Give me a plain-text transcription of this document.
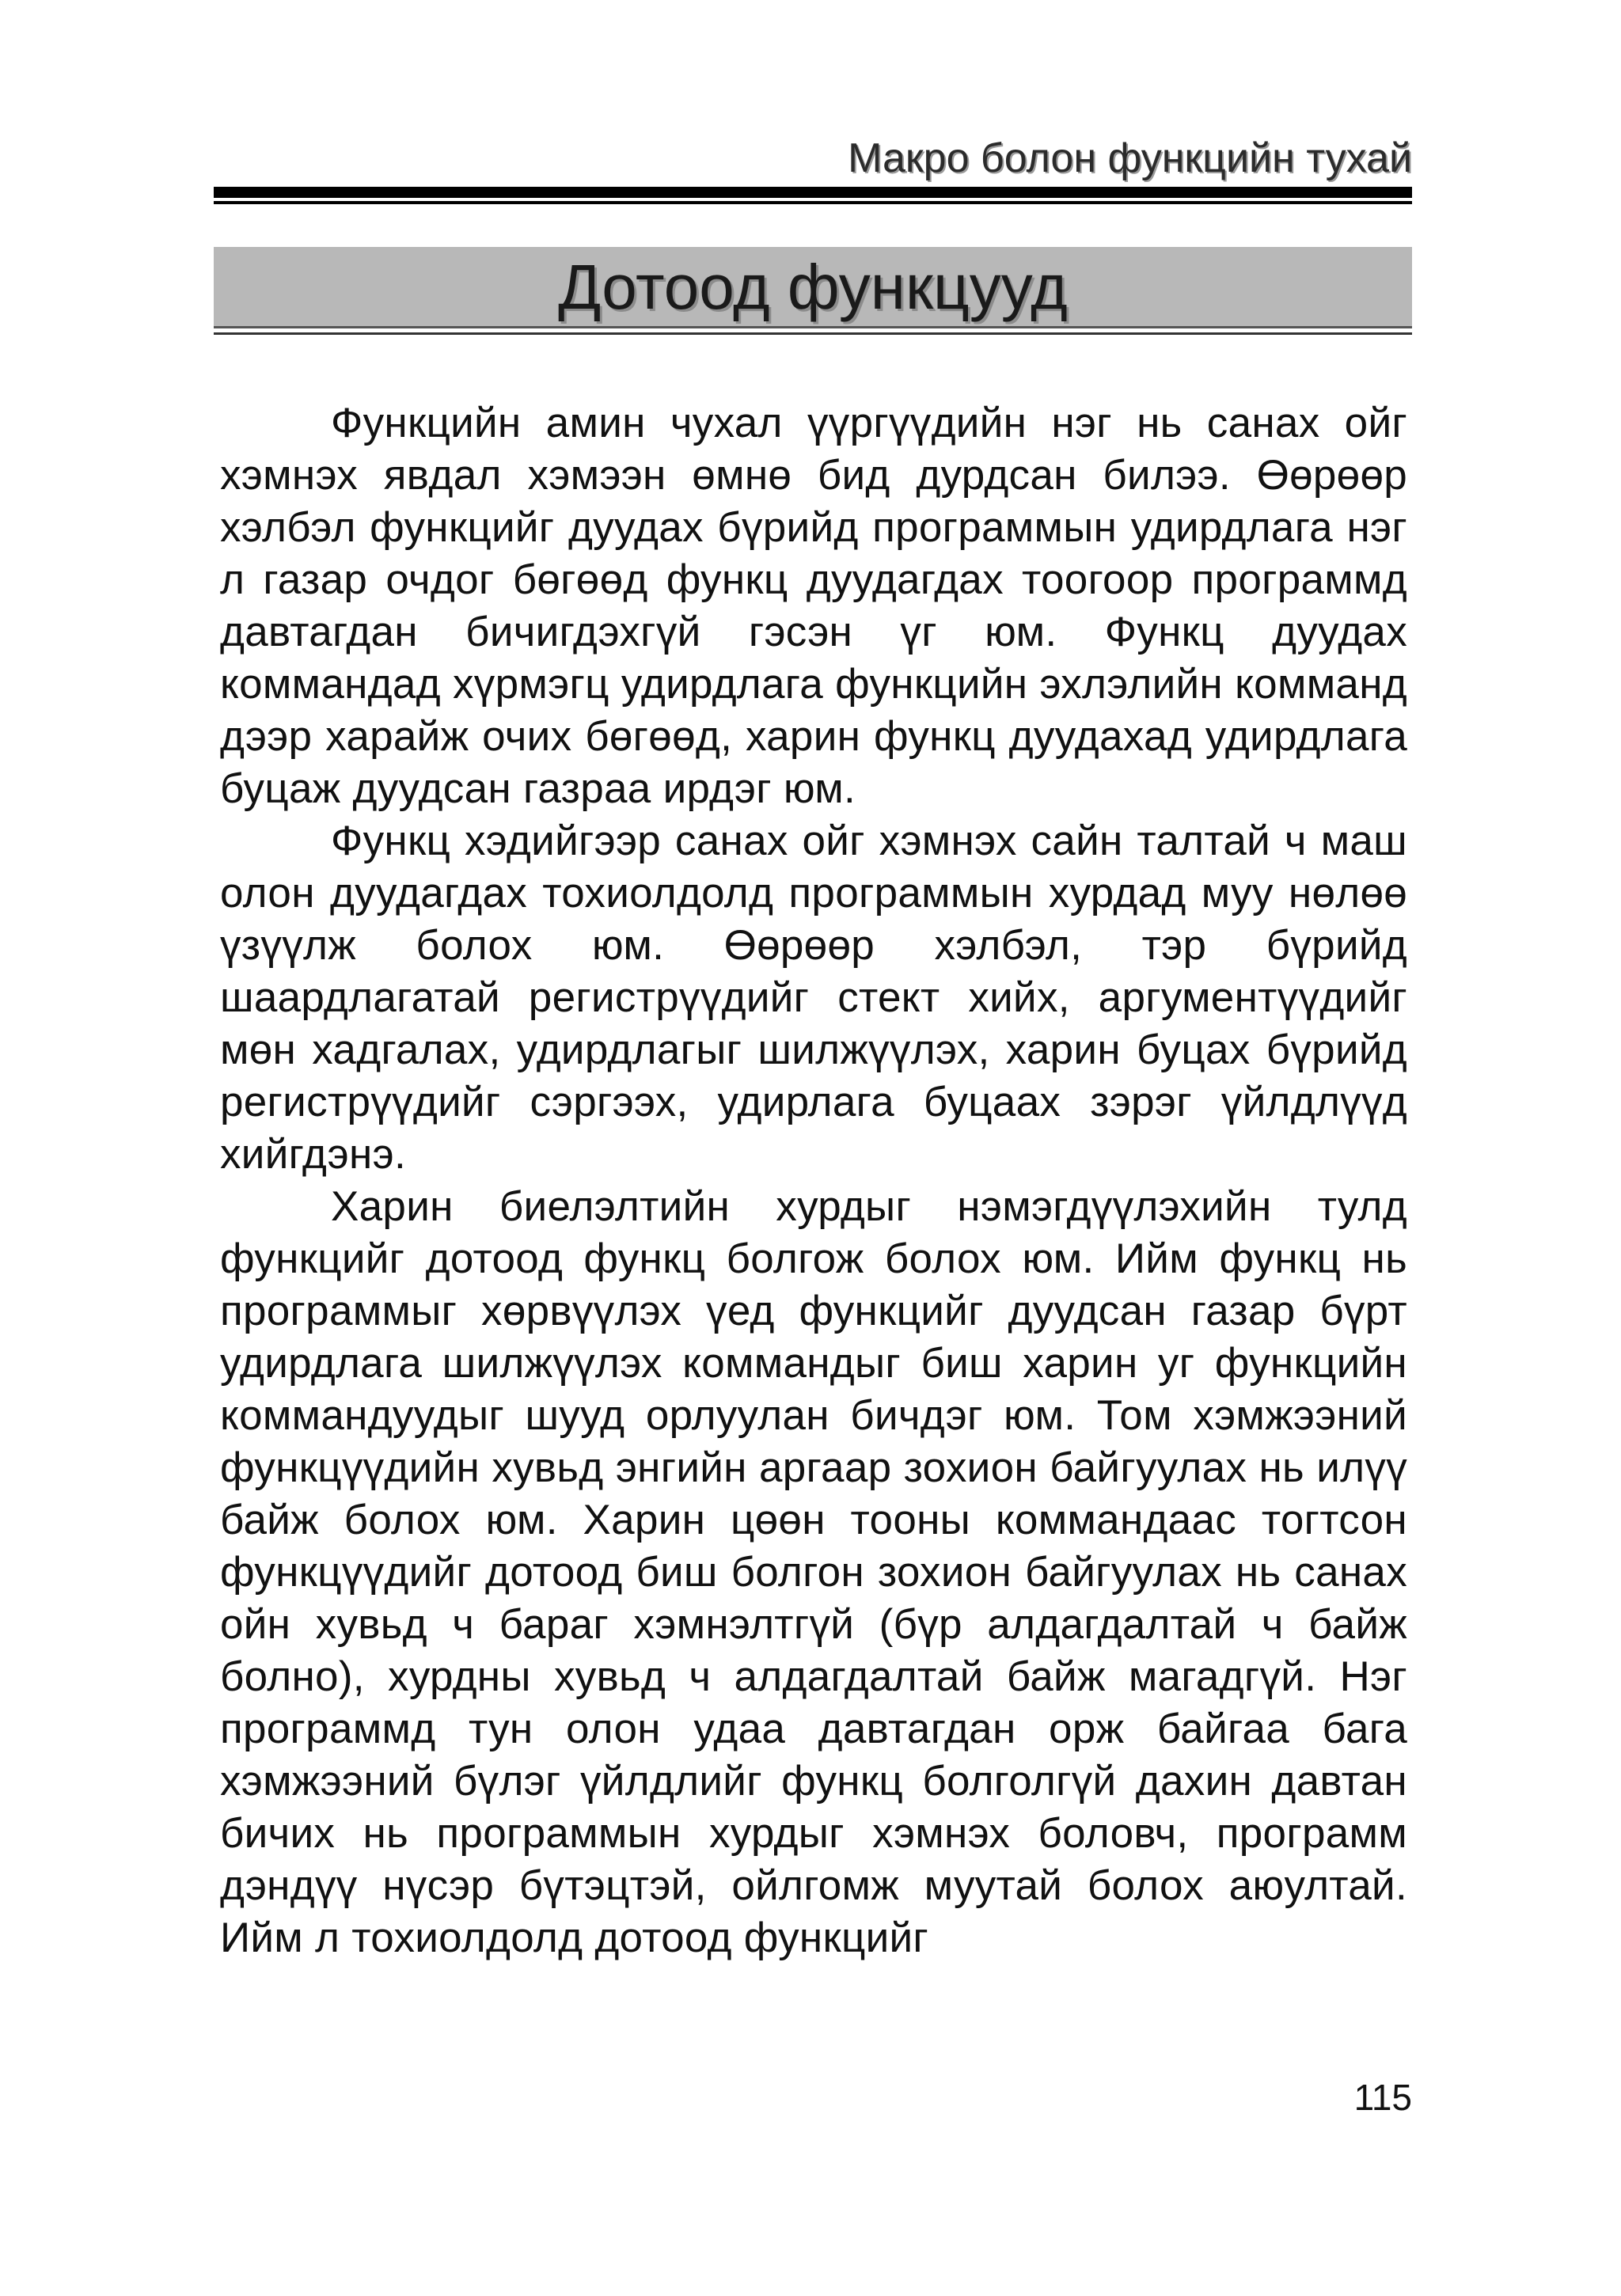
Макро болон функцийн тухай
Дотоод функцууд

Функцийн амин чухал үүргүүдийн нэг нь санах ойг хэмнэх явдал хэмээн өмнө бид дурдсан билээ. Өөрөөр хэлбэл функцийг дуудах бүрийд программын удирдлага нэг л газар очдог бөгөөд функц дуудагдах тоогоор программд давтагдан бичигдэхгүй гэсэн үг юм. Функц дуудах коммандад хүрмэгц удирдлага функцийн эхлэлийн комманд дээр харайж очих бөгөөд, харин функц дуудахад удирдлага буцаж дуудсан газраа ирдэг юм.

Функц хэдийгээр санах ойг хэмнэх сайн талтай ч маш олон дуудагдах тохиолдолд программын хурдад муу нөлөө үзүүлж болох юм. Өөрөөр хэлбэл, тэр бүрийд шаардлагатай регистрүүдийг стект хийх, аргументүүдийг мөн хадгалах, удирдлагыг шилжүүлэх, харин буцах бүрийд регистрүүдийг сэргээх, удирлага буцаах зэрэг үйлдлүүд хийгдэнэ.

Харин биелэлтийн хурдыг нэмэгдүүлэхийн тулд функцийг дотоод функц болгож болох юм. Ийм функц нь программыг хөрвүүлэх үед функцийг дуудсан газар бүрт удирдлага шилжүүлэх коммандыг биш харин уг функцийн коммандуудыг шууд орлуулан бичдэг юм. Том хэмжээний функцүүдийн хувьд энгийн аргаар зохион байгуулах нь илүү байж болох юм. Харин цөөн тооны коммандаас тогтсон функцүүдийг дотоод биш болгон зохион байгуулах нь санах ойн хувьд ч бараг хэмнэлтгүй (бүр алдагдалтай ч байж болно), хурдны хувьд ч алдагдалтай байж магадгүй. Нэг программд тун олон удаа давтагдан орж байгаа бага хэмжээний бүлэг үйлдлийг функц болголгүй дахин давтан бичих нь программын хурдыг хэмнэх боловч, программ дэндүү нүсэр бүтэцтэй, ойлгомж муутай болох аюултай. Ийм л тохиолдолд дотоод функцийг

115
